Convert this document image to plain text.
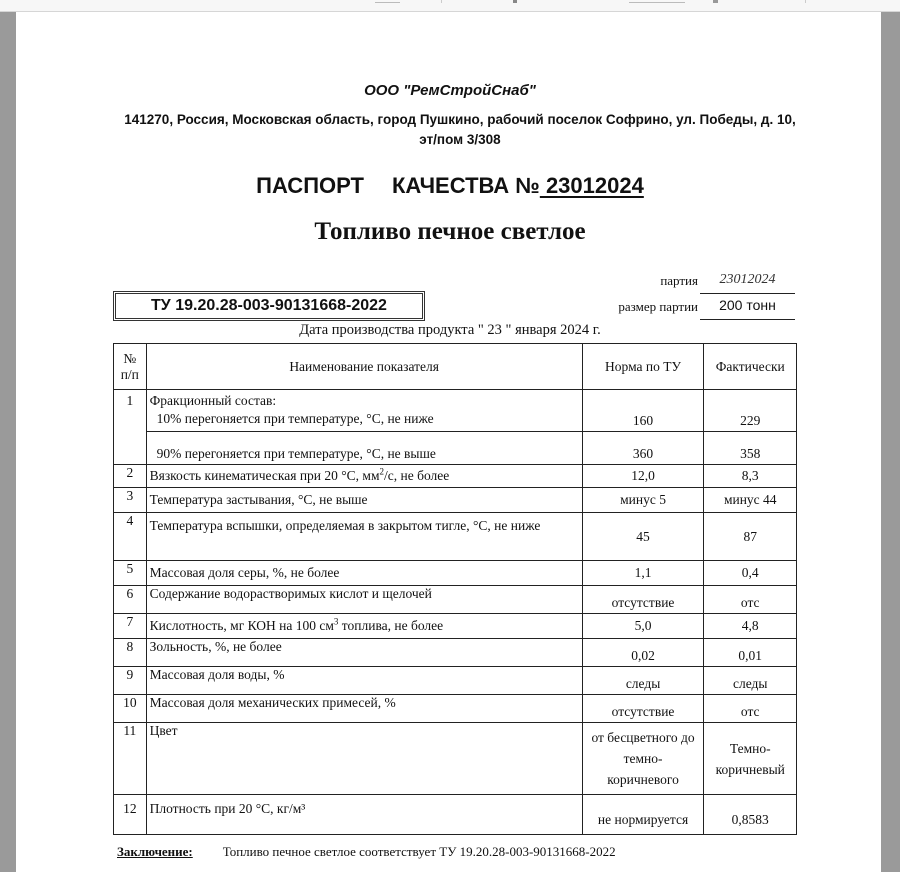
ООО "РемСтройСнаб"
141270, Россия, Московская область, город Пушкино, рабочий поселок Софрино, ул. Победы, д. 10,
эт/пом 3/308
ПАСПОРТ КАЧЕСТВА № 23012024
Топливо печное светлое
ТУ 19.20.28-003-90131668-2022
партия	23012024
размер партии	200 тонн
Дата производства продукта " 23 " января 2024 г.
№ п/п	Наименование показателя	Норма по ТУ	Фактически
1	Фракционный состав:		
	10% перегоняется при температуре, °C, не ниже	160	229
	90% перегоняется при температуре, °C, не выше	360	358
2	Вязкость кинематическая при 20 °C, $мм^2/с$, не более	12,0	8,3
3	Температура застывания, °C, не выше	минус 5	минус 44
4	Температура вспышки, определяемая в закрытом тигле, °C, не ниже	45	87
5	Массовая доля серы, %, не более	1,1	0,4
6	Содержание водорастворимых кислот и щелочей	отсутствие	отс
7	Кислотность, мг КОН на 100 $см^3$ топлива, не более	5,0	4,8
8	Зольность, %, не более	0,02	0,01
9	Массовая доля воды, %	следы	следы
10	Массовая доля механических примесей, %	отсутствие	отс
11	Цвет	от бесцветного до темно-коричневого	Темно-коричневый
12	Плотность при 20 °C, кг/м³	не нормируется	0,8583
Заключение: Топливо печное светлое соответствует ТУ 19.20.28-003-90131668-2022
